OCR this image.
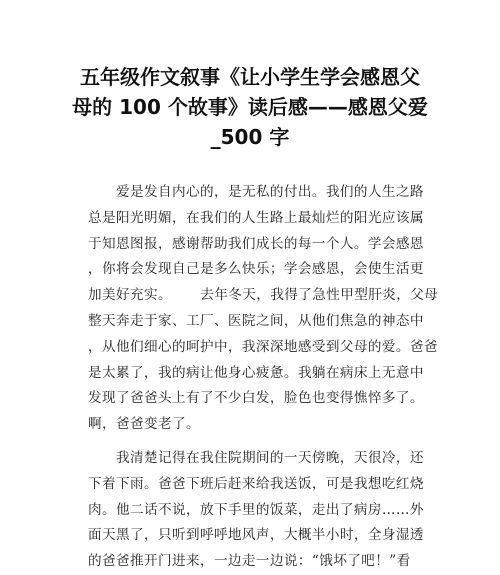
五年级作文叙事《让小学生学会感恩父
母的 100 个故事》读后感——感恩父爱
_500 字
爱是发自内心的，是无私的付出。我们的人生之路
总是阳光明媚，在我们的人生路上最灿烂的阳光应该属
于知恩图报，感谢帮助我们成长的每一个人。学会感恩
，你将会发现自己是多么快乐；学会感恩，会使生活更
加美好充实。      去年冬天，我得了急性甲型肝炎，父母
整天奔走于家、工厂、医院之间，从他们焦急的神态中
，从他们细心的呵护中，我深深地感受到父母的爱。爸爸
是太累了，我的病让他身心疲惫。我躺在病床上无意中
发现了爸爸头上有了不少白发，脸色也变得憔悴多了。
啊，爸爸变老了。
我清楚记得在我住院期间的一天傍晚，天很冷，还
下着下雨。爸爸下班后赶来给我送饭，可是我想吃红烧
肉。他二话不说，放下手里的饭菜，走出了病房……外
面天黑了，只听到呼呼地风声，大概半小时，全身湿透
的爸爸推开门进来，一边走一边说：“饿坏了吧！”看
